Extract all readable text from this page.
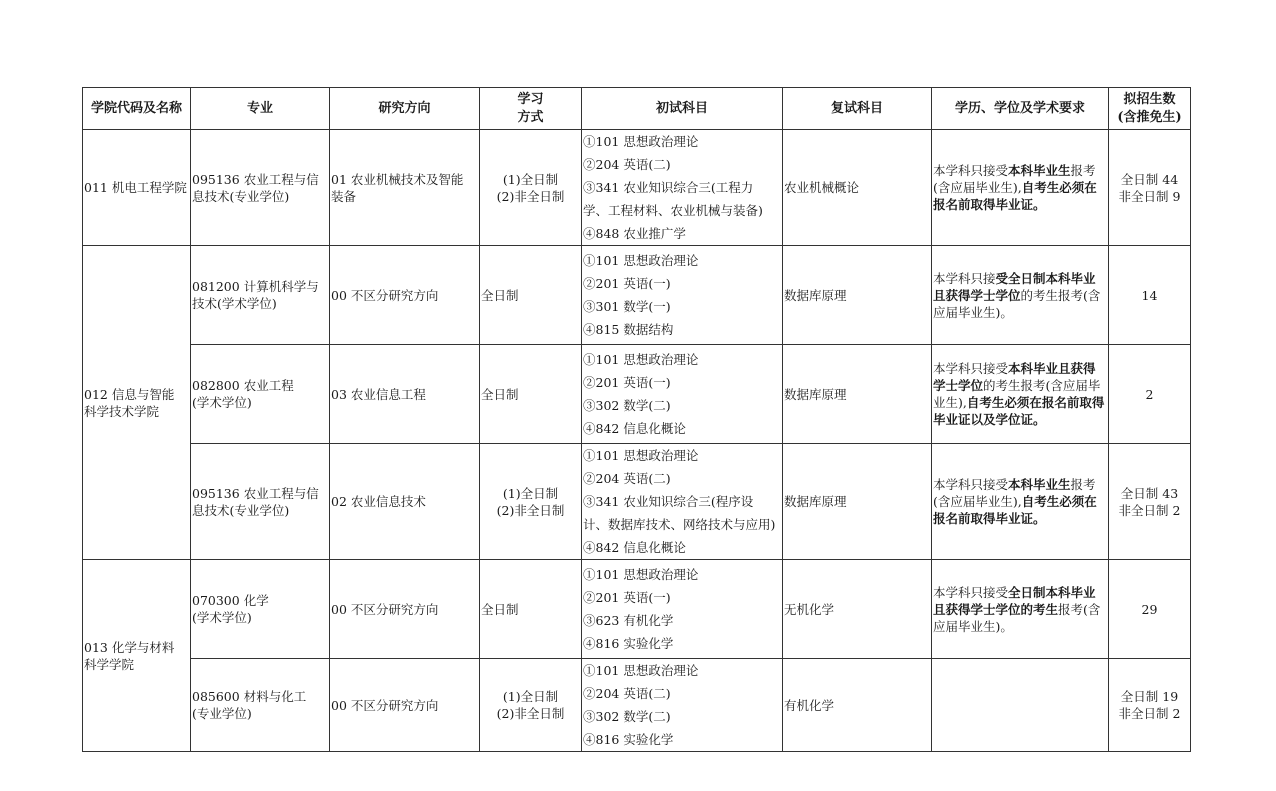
学院代码及名称	专业	研究方向	学习
方式	初试科目	复试科目	学历、学位及学术要求	拟招生数
(含推免生)

011 机电工程学院	095136 农业工程与信
息技术(专业学位)	01 农业机械技术及智能
装备	(1)全日制
(2)非全日制	①101 思想政治理论
②204 英语(二)
③341 农业知识综合三(工程力
学、工程材料、农业机械与装备)
④848 农业推广学	农业机械概论	本学科只接受本科毕业生报考(含应届毕业生),自考生必须在报名前取得毕业证。	全日制 44
非全日制 9

012 信息与智能
科学技术学院	081200 计算机科学与
技术(学术学位)	00 不区分研究方向	全日制	①101 思想政治理论
②201 英语(一)
③301 数学(一)
④815 数据结构	数据库原理	本学科只接受全日制本科毕业且获得学士学位的考生报考(含应届毕业生)。	14

	082800 农业工程
(学术学位)	03 农业信息工程	全日制	①101 思想政治理论
②201 英语(一)
③302 数学(二)
④842 信息化概论	数据库原理	本学科只接受本科毕业且获得学士学位的考生报考(含应届毕业生),自考生必须在报名前取得毕业证以及学位证。	2

	095136 农业工程与信
息技术(专业学位)	02 农业信息技术	(1)全日制
(2)非全日制	①101 思想政治理论
②204 英语(二)
③341 农业知识综合三(程序设
计、数据库技术、网络技术与应用)
④842 信息化概论	数据库原理	本学科只接受本科毕业生报考(含应届毕业生),自考生必须在报名前取得毕业证。	全日制 43
非全日制 2

013 化学与材料
科学学院	070300 化学
(学术学位)	00 不区分研究方向	全日制	①101 思想政治理论
②201 英语(一)
③623 有机化学
④816 实验化学	无机化学	本学科只接受全日制本科毕业且获得学士学位的考生报考(含应届毕业生)。	29

	085600 材料与化工
(专业学位)	00 不区分研究方向	(1)全日制
(2)非全日制	①101 思想政治理论
②204 英语(二)
③302 数学(二)
④816 实验化学	有机化学		全日制 19
非全日制 2
